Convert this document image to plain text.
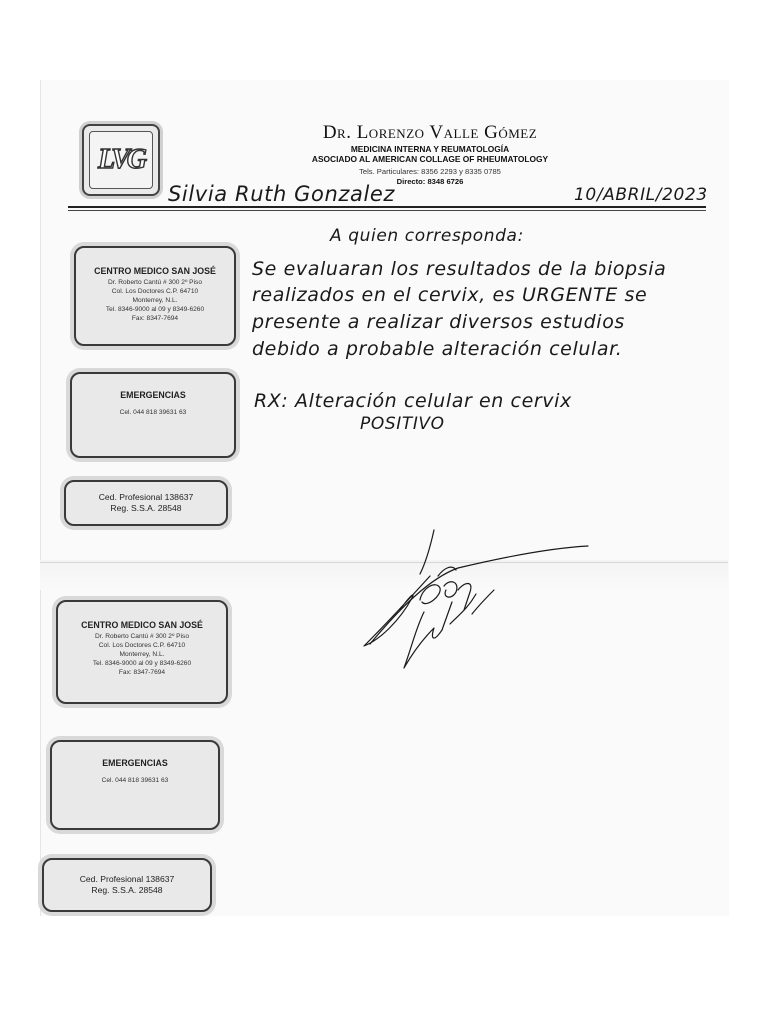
LVG
Dr. Lorenzo Valle Gómez
MEDICINA INTERNA Y REUMATOLOGÍA
ASOCIADO AL AMERICAN COLLAGE OF RHEUMATOLOGY
Tels. Particulares: 8356 2293 y 8335 0785
Directo: 8348 6726
Silvia Ruth Gonzalez	10/ABRIL/2023
A quien corresponda:
Se evaluaran los resultados de la biopsia
realizados en el cervix, es URGENTE se
presente a realizar diversos estudios
debido a probable alteración celular.
RX: Alteración celular en cervix
POSITIVO
CENTRO MEDICO SAN JOSÉ
Dr. Roberto Cantú # 300 2º Piso
Col. Los Doctores C.P. 64710
Monterrey, N.L.
Tel. 8346-9000 al 09 y 8349-6260
Fax: 8347-7694
EMERGENCIAS
Cel. 044 818 39631 63
Ced. Profesional 138637
Reg. S.S.A. 28548
CENTRO MEDICO SAN JOSÉ
Dr. Roberto Cantú # 300 2º Piso
Col. Los Doctores C.P. 64710
Monterrey, N.L.
Tel. 8346-9000 al 09 y 8349-6260
Fax: 8347-7694
EMERGENCIAS
Cel. 044 818 39631 63
Ced. Profesional 138637
Reg. S.S.A. 28548
